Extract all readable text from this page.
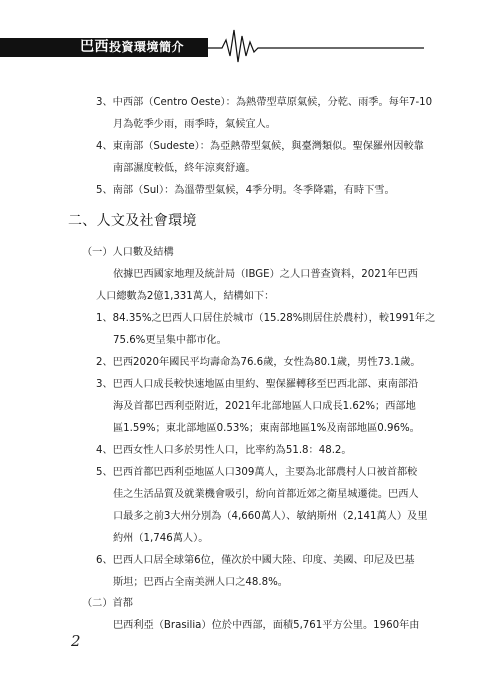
巴西投資環境簡介
3、中西部（Centro Oeste）：為熱帶型草原氣候，分乾、雨季。每年7-10
月為乾季少雨，雨季時，氣候宜人。
4、東南部（Sudeste）：為亞熱帶型氣候，與臺灣類似。聖保羅州因較靠
南部濕度較低，終年涼爽舒適。
5、南部（Sul）：為溫帶型氣候，4季分明。冬季降霜，有時下雪。
二、人文及社會環境
（一）人口數及結構
依據巴西國家地理及統計局（IBGE）之人口普查資料，2021年巴西
人口總數為2億1,331萬人，結構如下：
1、84.35%之巴西人口居住於城市（15.28%則居住於農村），較1991年之
75.6%更呈集中都市化。
2、巴西2020年國民平均壽命為76.6歲，女性為80.1歲，男性73.1歲。
3、巴西人口成長較快速地區由里約、聖保羅轉移至巴西北部、東南部沿
海及首都巴西利亞附近，2021年北部地區人口成長1.62%；西部地
區1.59%；東北部地區0.53%；東南部地區1%及南部地區0.96%。
4、巴西女性人口多於男性人口，比率約為51.8：48.2。
5、巴西首都巴西利亞地區人口309萬人，主要為北部農村人口被首都較
佳之生活品質及就業機會吸引，紛向首都近郊之衛星城遷徙。巴西人
口最多之前3大州分別為（4,660萬人）、敏納斯州（2,141萬人）及里
約州（1,746萬人）。
6、巴西人口居全球第6位，僅次於中國大陸、印度、美國、印尼及巴基
斯坦；巴西占全南美洲人口之48.8%。
（二）首都
巴西利亞（Brasilia）位於中西部，面積5,761平方公里。1960年由
2
